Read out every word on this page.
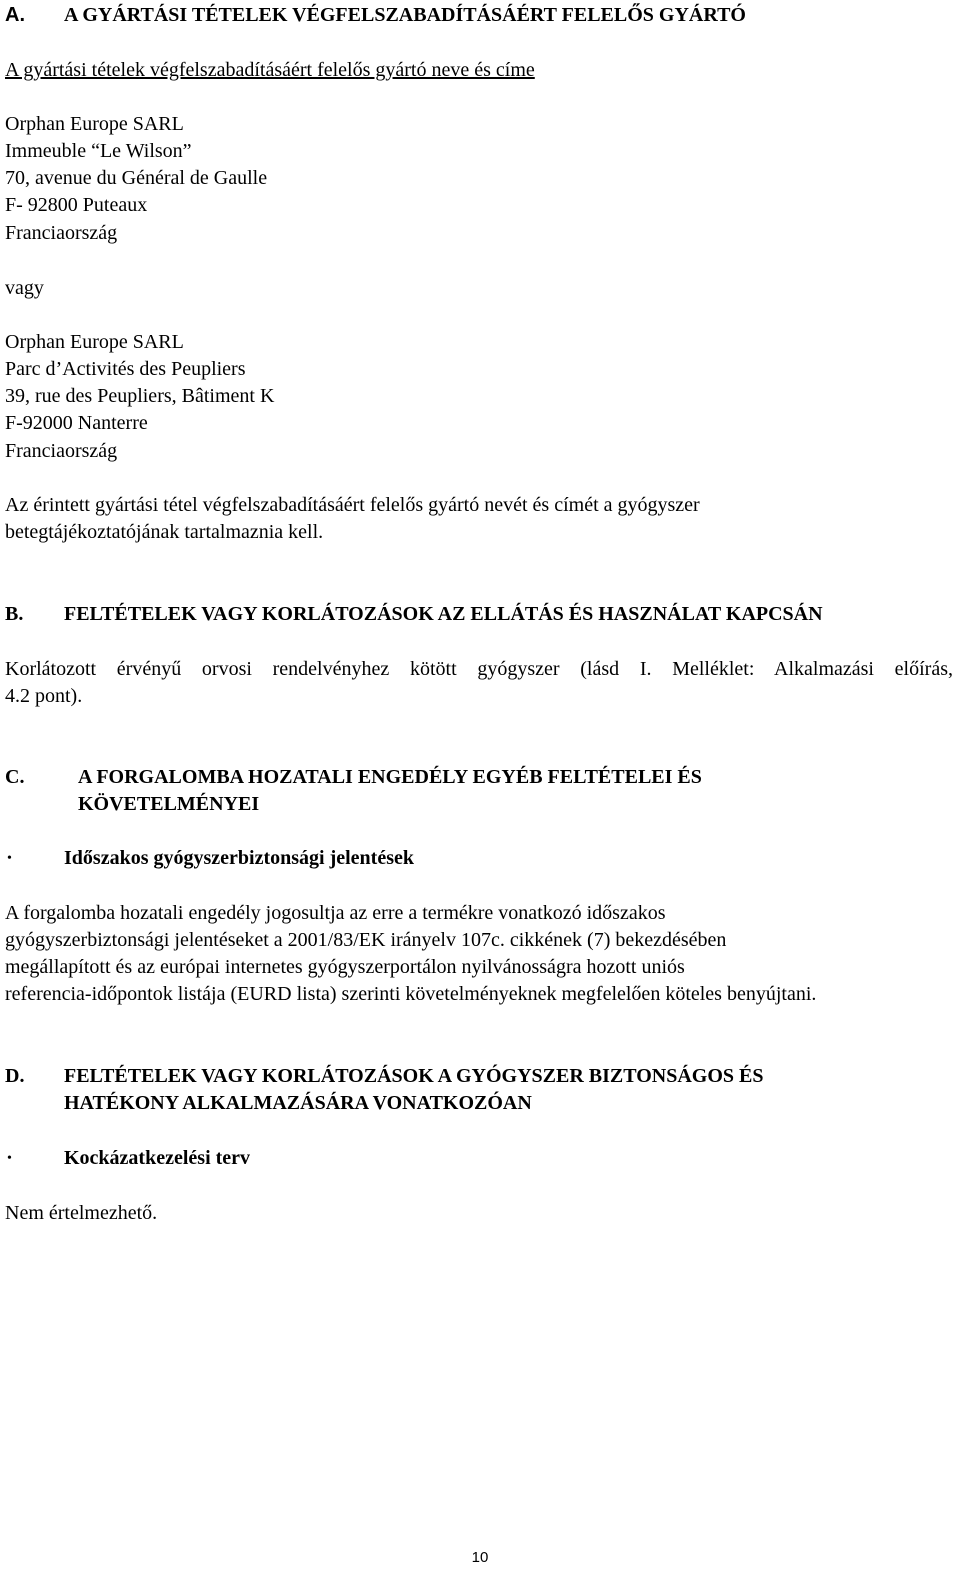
A. A GYÁRTÁSI TÉTELEK VÉGFELSZABADÍTÁSÁÉRT FELELŐS GYÁRTÓ
A gyártási tételek végfelszabadításáért felelős gyártó neve és címe
Orphan Europe SARL
Immeuble “Le Wilson”
70, avenue du Général de Gaulle
F- 92800 Puteaux
Franciaország
vagy
Orphan Europe SARL
Parc d’Activités des Peupliers
39, rue des Peupliers, Bâtiment K
F-92000 Nanterre
Franciaország
Az érintett gyártási tétel végfelszabadításáért felelős gyártó nevét és címét a gyógyszer
betegtájékoztatójának tartalmaznia kell.
B. FELTÉTELEK VAGY KORLÁTOZÁSOK AZ ELLÁTÁS ÉS HASZNÁLAT KAPCSÁN
Korlátozott érvényű orvosi rendelvényhez kötött gyógyszer (lásd I. Melléklet: Alkalmazási előírás,
4.2 pont).
C.	A FORGALOMBA HOZATALI ENGEDÉLY EGYÉB FELTÉTELEI ÉS
KÖVETELMÉNYEI
•	Időszakos gyógyszerbiztonsági jelentések
A forgalomba hozatali engedély jogosultja az erre a termékre vonatkozó időszakos
gyógyszerbiztonsági jelentéseket a 2001/83/EK irányelv 107c. cikkének (7) bekezdésében
megállapított és az európai internetes gyógyszerportálon nyilvánosságra hozott uniós
referencia-időpontok listája (EURD lista) szerinti követelményeknek megfelelően köteles benyújtani.
D. FELTÉTELEK VAGY KORLÁTOZÁSOK A GYÓGYSZER BIZTONSÁGOS ÉS
HATÉKONY ALKALMAZÁSÁRA VONATKOZÓAN
•	Kockázatkezelési terv
Nem értelmezhető.
10
